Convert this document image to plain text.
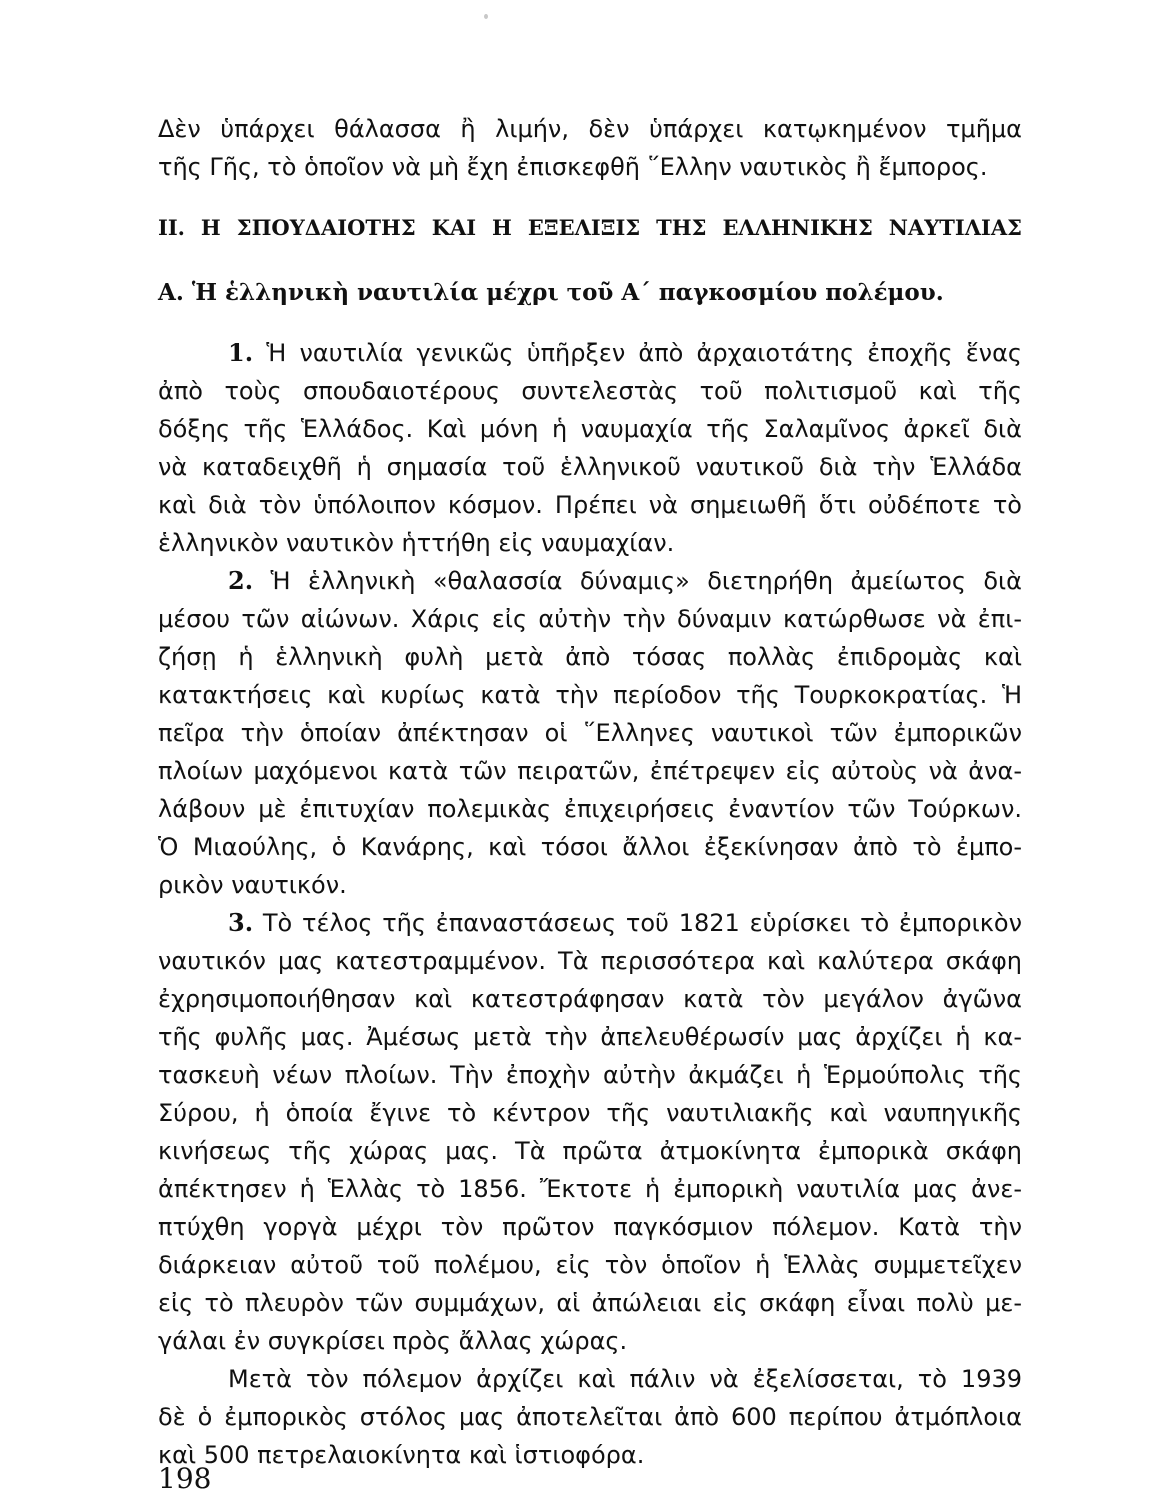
Δὲν ὑπάρχει θάλασσα ἢ λιμήν, δὲν ὑπάρχει κατῳκημένον τμῆμα
τῆς Γῆς, τὸ ὁποῖον νὰ μὴ ἔχη ἐπισκεφθῆ ῞Ελλην ναυτικὸς ἢ ἔμπορος.
II. Η ΣΠΟΥΔΑΙΟΤΗΣ ΚΑΙ Η ΕΞΕΛΙΞΙΣ ΤΗΣ ΕΛΛΗΝΙΚΗΣ ΝΑΥΤΙΛΙΑΣ
Α. Ἡ ἑλληνικὴ ναυτιλία μέχρι τοῦ Α΄ παγκοσμίου πολέμου.
1. Ἡ ναυτιλία γενικῶς ὑπῆρξεν ἀπὸ ἀρχαιοτάτης ἐποχῆς ἕνας
ἀπὸ τοὺς σπουδαιοτέρους συντελεστὰς τοῦ πολιτισμοῦ καὶ τῆς
δόξης τῆς Ἑλλάδος. Καὶ μόνη ἡ ναυμαχία τῆς Σαλαμῖνος ἀρκεῖ διὰ
νὰ καταδειχθῆ ἡ σημασία τοῦ ἑλληνικοῦ ναυτικοῦ διὰ τὴν Ἑλλάδα
καὶ διὰ τὸν ὑπόλοιπον κόσμον. Πρέπει νὰ σημειωθῆ ὅτι οὐδέποτε τὸ
ἑλληνικὸν ναυτικὸν ἡττήθη εἰς ναυμαχίαν.
2. Ἡ ἑλληνικὴ «θαλασσία δύναμις» διετηρήθη ἀμείωτος διὰ
μέσου τῶν αἰώνων. Χάρις εἰς αὐτὴν τὴν δύναμιν κατώρθωσε νὰ ἐπι-
ζήσῃ ἡ ἑλληνικὴ φυλὴ μετὰ ἀπὸ τόσας πολλὰς ἐπιδρομὰς καὶ
κατακτήσεις καὶ κυρίως κατὰ τὴν περίοδον τῆς Τουρκοκρατίας. Ἡ
πεῖρα τὴν ὁποίαν ἀπέκτησαν οἱ ῞Ελληνες ναυτικοὶ τῶν ἐμπορικῶν
πλοίων μαχόμενοι κατὰ τῶν πειρατῶν, ἐπέτρεψεν εἰς αὐτοὺς νὰ ἀνα-
λάβουν μὲ ἐπιτυχίαν πολεμικὰς ἐπιχειρήσεις ἐναντίον τῶν Τούρκων.
Ὁ Μιαούλης, ὁ Κανάρης, καὶ τόσοι ἄλλοι ἐξεκίνησαν ἀπὸ τὸ ἐμπο-
ρικὸν ναυτικόν.
3. Τὸ τέλος τῆς ἐπαναστάσεως τοῦ 1821 εὑρίσκει τὸ ἐμπορικὸν
ναυτικόν μας κατεστραμμένον. Τὰ περισσότερα καὶ καλύτερα σκάφη
ἐχρησιμοποιήθησαν καὶ κατεστράφησαν κατὰ τὸν μεγάλον ἀγῶνα
τῆς φυλῆς μας. Ἀμέσως μετὰ τὴν ἀπελευθέρωσίν μας ἀρχίζει ἡ κα-
τασκευὴ νέων πλοίων. Τὴν ἐποχὴν αὐτὴν ἀκμάζει ἡ Ἑρμούπολις τῆς
Σύρου, ἡ ὁποία ἔγινε τὸ κέντρον τῆς ναυτιλιακῆς καὶ ναυπηγικῆς
κινήσεως τῆς χώρας μας. Τὰ πρῶτα ἀτμοκίνητα ἐμπορικὰ σκάφη
ἀπέκτησεν ἡ Ἑλλὰς τὸ 1856. Ἔκτοτε ἡ ἐμπορικὴ ναυτιλία μας ἀνε-
πτύχθη γοργὰ μέχρι τὸν πρῶτον παγκόσμιον πόλεμον. Κατὰ τὴν
διάρκειαν αὐτοῦ τοῦ πολέμου, εἰς τὸν ὁποῖον ἡ Ἑλλὰς συμμετεῖχεν
εἰς τὸ πλευρὸν τῶν συμμάχων, αἱ ἀπώλειαι εἰς σκάφη εἶναι πολὺ με-
γάλαι ἐν συγκρίσει πρὸς ἄλλας χώρας.
Μετὰ τὸν πόλεμον ἀρχίζει καὶ πάλιν νὰ ἐξελίσσεται, τὸ 1939
δὲ ὁ ἐμπορικὸς στόλος μας ἀποτελεῖται ἀπὸ 600 περίπου ἀτμόπλοια
καὶ 500 πετρελαιοκίνητα καὶ ἱστιοφόρα.
198
